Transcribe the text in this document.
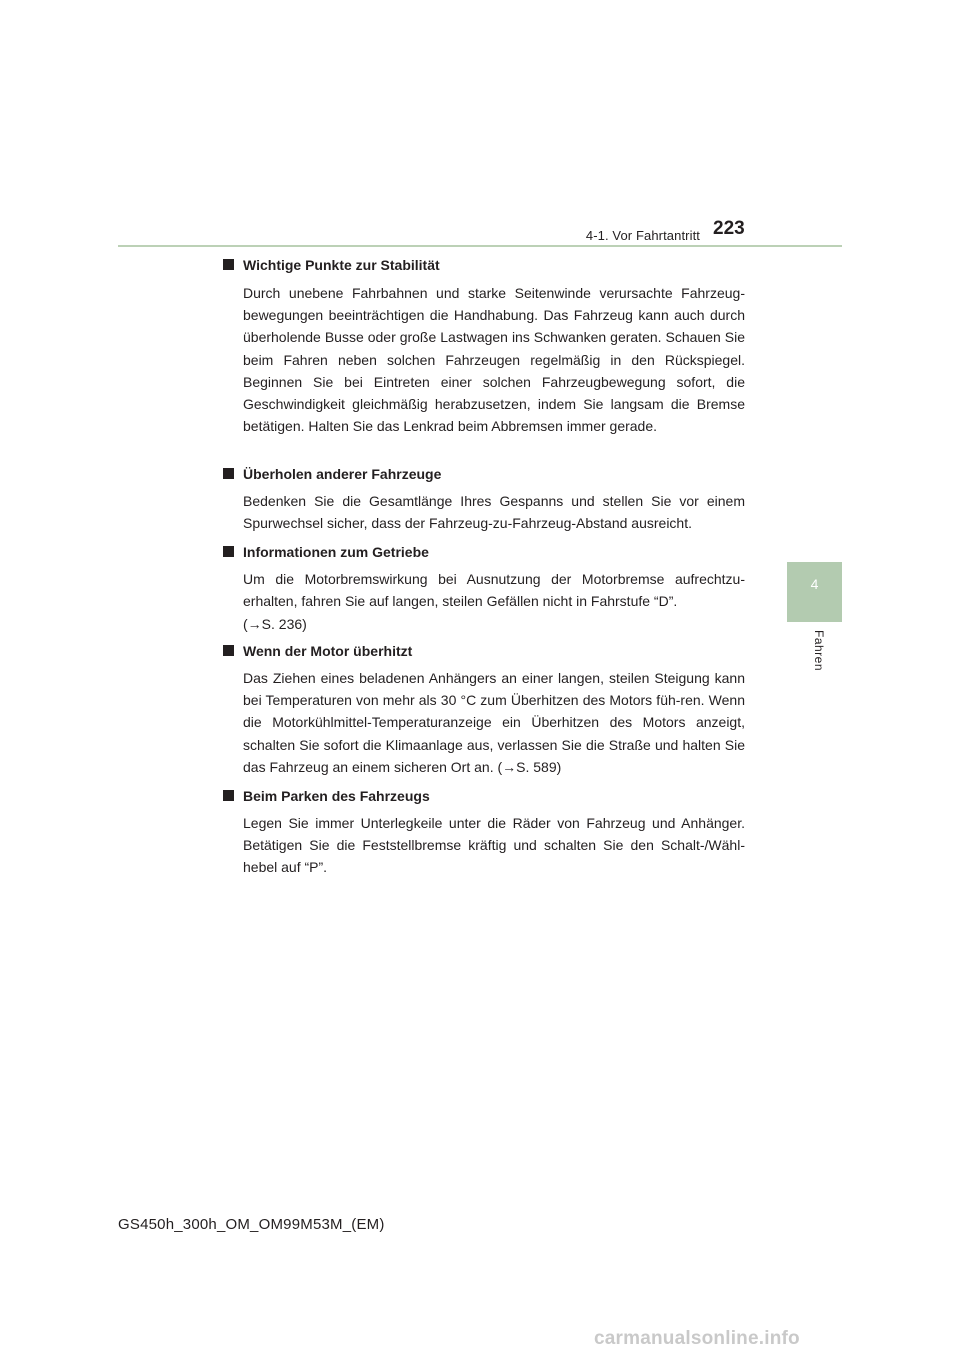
4-1. Vor Fahrtantritt 223
4
Fahren
Wichtige Punkte zur Stabilität

Durch unebene Fahrbahnen und starke Seitenwinde verursachte Fahrzeug-bewegungen beeinträchtigen die Handhabung. Das Fahrzeug kann auch durch überholende Busse oder große Lastwagen ins Schwanken geraten. Schauen Sie beim Fahren neben solchen Fahrzeugen regelmäßig in den Rückspiegel. Beginnen Sie bei Eintreten einer solchen Fahrzeugbewegung sofort, die Geschwindigkeit gleichmäßig herabzusetzen, indem Sie langsam die Bremse betätigen. Halten Sie das Lenkrad beim Abbremsen immer gerade.

Überholen anderer Fahrzeuge

Bedenken Sie die Gesamtlänge Ihres Gespanns und stellen Sie vor einem Spurwechsel sicher, dass der Fahrzeug-zu-Fahrzeug-Abstand ausreicht.

Informationen zum Getriebe

Um die Motorbremswirkung bei Ausnutzung der Motorbremse aufrechtzu-erhalten, fahren Sie auf langen, steilen Gefällen nicht in Fahrstufe “D”.

(→S. 236)
Wenn der Motor überhitzt

Das Ziehen eines beladenen Anhängers an einer langen, steilen Steigung kann bei Temperaturen von mehr als 30 °C zum Überhitzen des Motors füh-ren. Wenn die Motorkühlmittel-Temperaturanzeige ein Überhitzen des Motors anzeigt, schalten Sie sofort die Klimaanlage aus, verlassen Sie die Straße und halten Sie das Fahrzeug an einem sicheren Ort an. (→S. 589)

Beim Parken des Fahrzeugs

Legen Sie immer Unterlegkeile unter die Räder von Fahrzeug und Anhänger. Betätigen Sie die Feststellbremse kräftig und schalten Sie den Schalt-/Wähl-hebel auf “P”.

GS450h_300h_OM_OM99M53M_(EM)
carmanualsonline.info
